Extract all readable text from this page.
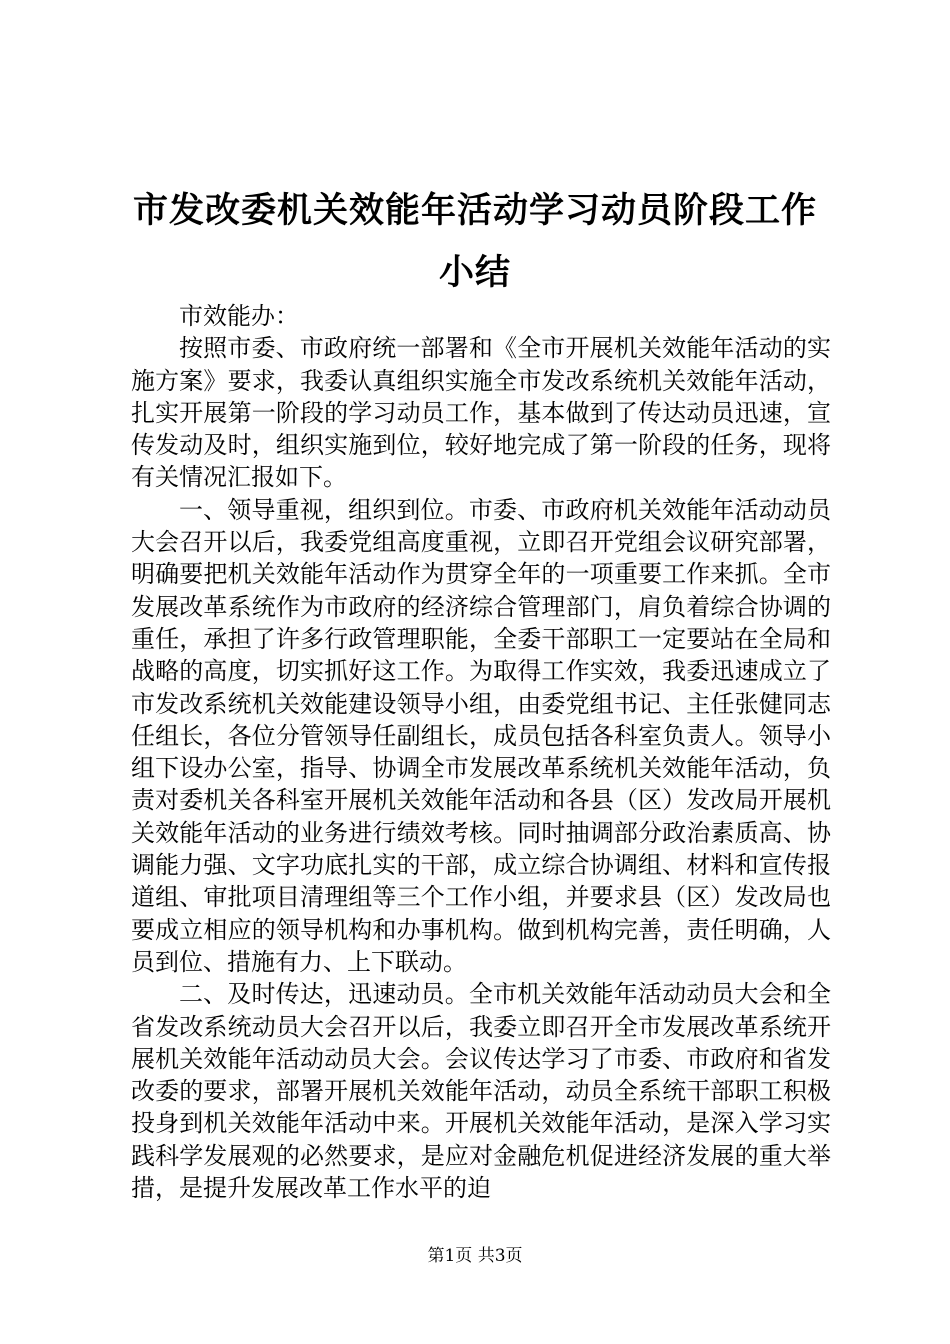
市发改委机关效能年活动学习动员阶段工作小结

市效能办：

按照市委、市政府统一部署和《全市开展机关效能年活动的实施方案》要求，我委认真组织实施全市发改系统机关效能年活动，扎实开展第一阶段的学习动员工作，基本做到了传达动员迅速，宣传发动及时，组织实施到位，较好地完成了第一阶段的任务，现将有关情况汇报如下。

一、领导重视，组织到位。市委、市政府机关效能年活动动员大会召开以后，我委党组高度重视，立即召开党组会议研究部署，明确要把机关效能年活动作为贯穿全年的一项重要工作来抓。全市发展改革系统作为市政府的经济综合管理部门，肩负着综合协调的重任，承担了许多行政管理职能，全委干部职工一定要站在全局和战略的高度，切实抓好这工作。为取得工作实效，我委迅速成立了市发改系统机关效能建设领导小组，由委党组书记、主任张健同志任组长，各位分管领导任副组长，成员包括各科室负责人。领导小组下设办公室，指导、协调全市发展改革系统机关效能年活动，负责对委机关各科室开展机关效能年活动和各县（区）发改局开展机关效能年活动的业务进行绩效考核。同时抽调部分政治素质高、协调能力强、文字功底扎实的干部，成立综合协调组、材料和宣传报道组、审批项目清理组等三个工作小组，并要求县（区）发改局也要成立相应的领导机构和办事机构。做到机构完善，责任明确，人员到位、措施有力、上下联动。

二、及时传达，迅速动员。全市机关效能年活动动员大会和全省发改系统动员大会召开以后，我委立即召开全市发展改革系统开展机关效能年活动动员大会。会议传达学习了市委、市政府和省发改委的要求，部署开展机关效能年活动，动员全系统干部职工积极投身到机关效能年活动中来。开展机关效能年活动，是深入学习实践科学发展观的必然要求，是应对金融危机促进经济发展的重大举措，是提升发展改革工作水平的迫

第1页 共3页
